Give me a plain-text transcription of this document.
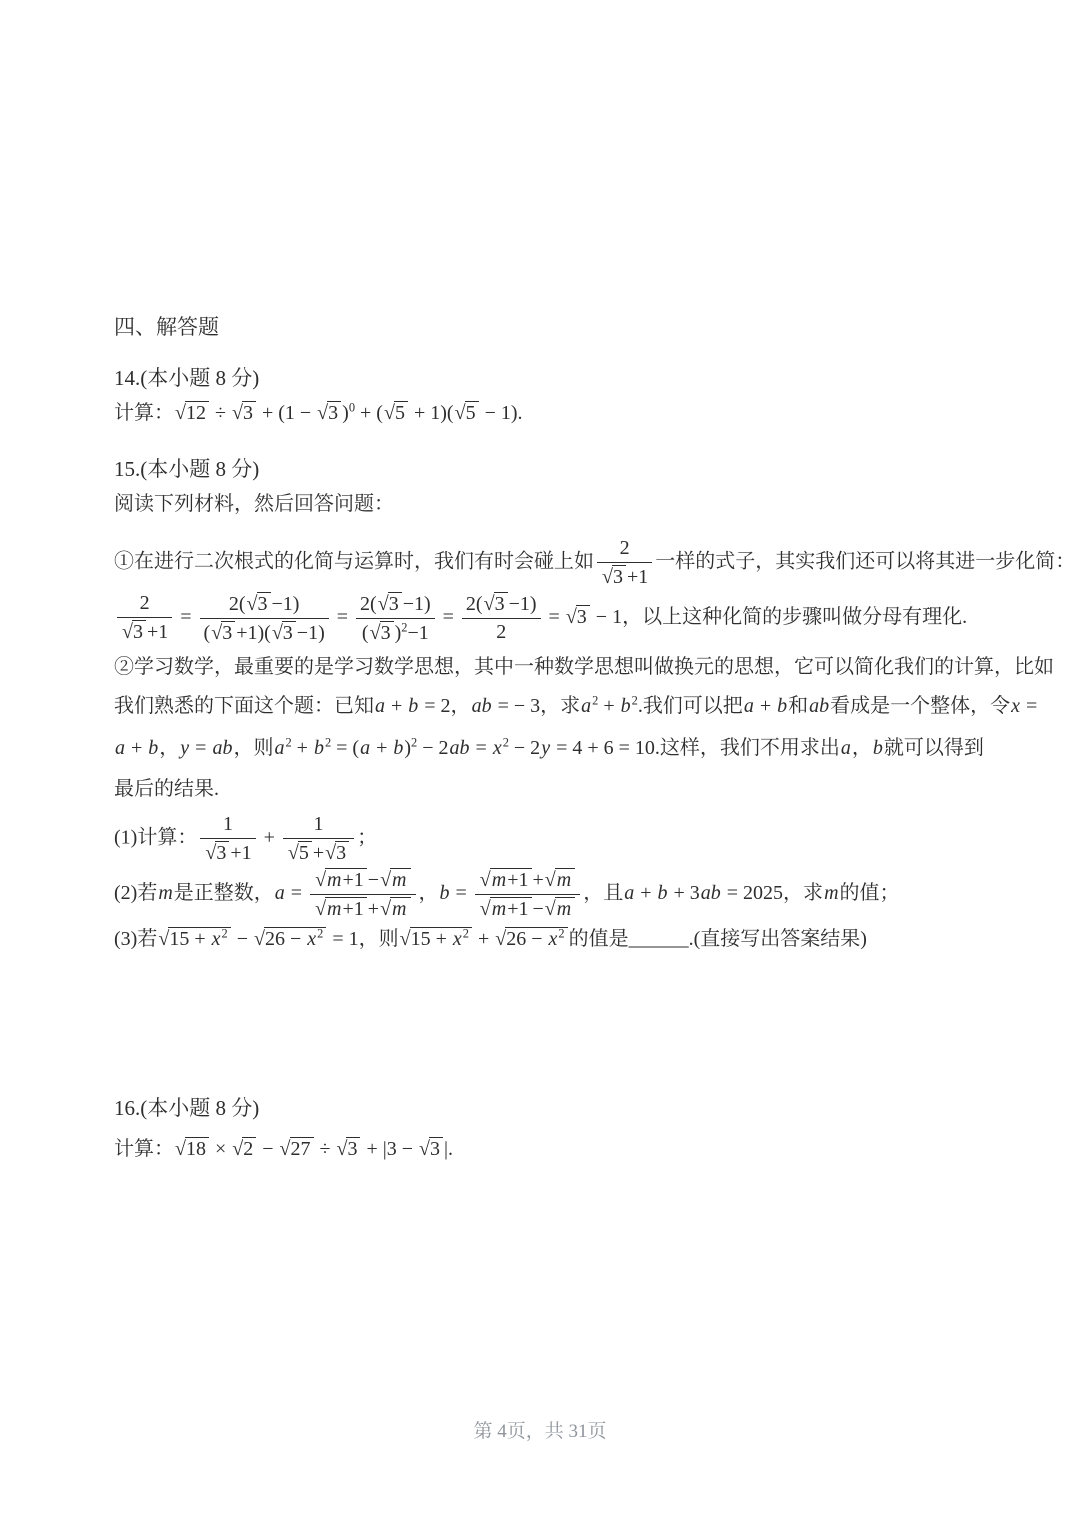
四、解答题
14.(本小题 8 分)
计算：√12 ÷ √3 + (1 − √3 )$^0$ + (√5 + 1)(√5 − 1).
15.(本小题 8 分)
阅读下列材料，然后回答问题：
①在进行二次根式的化简与运算时，我们有时会碰上如 $\frac{2}{√3 +1}$ 一样的式子，其实我们还可以将其进一步化简：
$\frac{2}{√3 +1} = \frac{2(√3 -1)}{(√3 +1)(√3 -1)} = \frac{2(√3 -1)}{(√3 )^2-1} = \frac{2(√3 -1)}{2} = √3 - 1$，以上这种化简的步骤叫做分母有理化.
②学习数学，最重要的是学习数学思想，其中一种数学思想叫做换元的思想，它可以简化我们的计算，比如
我们熟悉的下面这个题：已知a + b = 2，ab = − 3，求$a^2 + b^2$.我们可以把a + b和ab看成是一个整体，令x =
a + b，y = ab，则$a^2 + b^2 = (a + b)^2 - 2ab = x^2 - 2y = 4 + 6 = 10$.这样，我们不用求出a，b就可以得到
最后的结果.
(1)计算： $\frac{1}{√3 +1} + \frac{1}{√5 +√3}$ ；
(2)若m是正整数，$a = \frac{√ m+1 -√ m}{√ m+1 +√ m}$ ，$b = \frac{√ m+1 +√ m}{√ m+1 -√ m}$ ，且a + b + 3ab = 2025，求m的值；
(3)若$√15 + x^2 - √26 - x^2 = 1$，则$√15 + x^2 + √26 - x^2$ 的值是______.(直接写出答案结果)
16.(本小题 8 分)
计算：√18 × √2 − √27 ÷ √3 + |3 − √3 |.
第 4页，共 31页
